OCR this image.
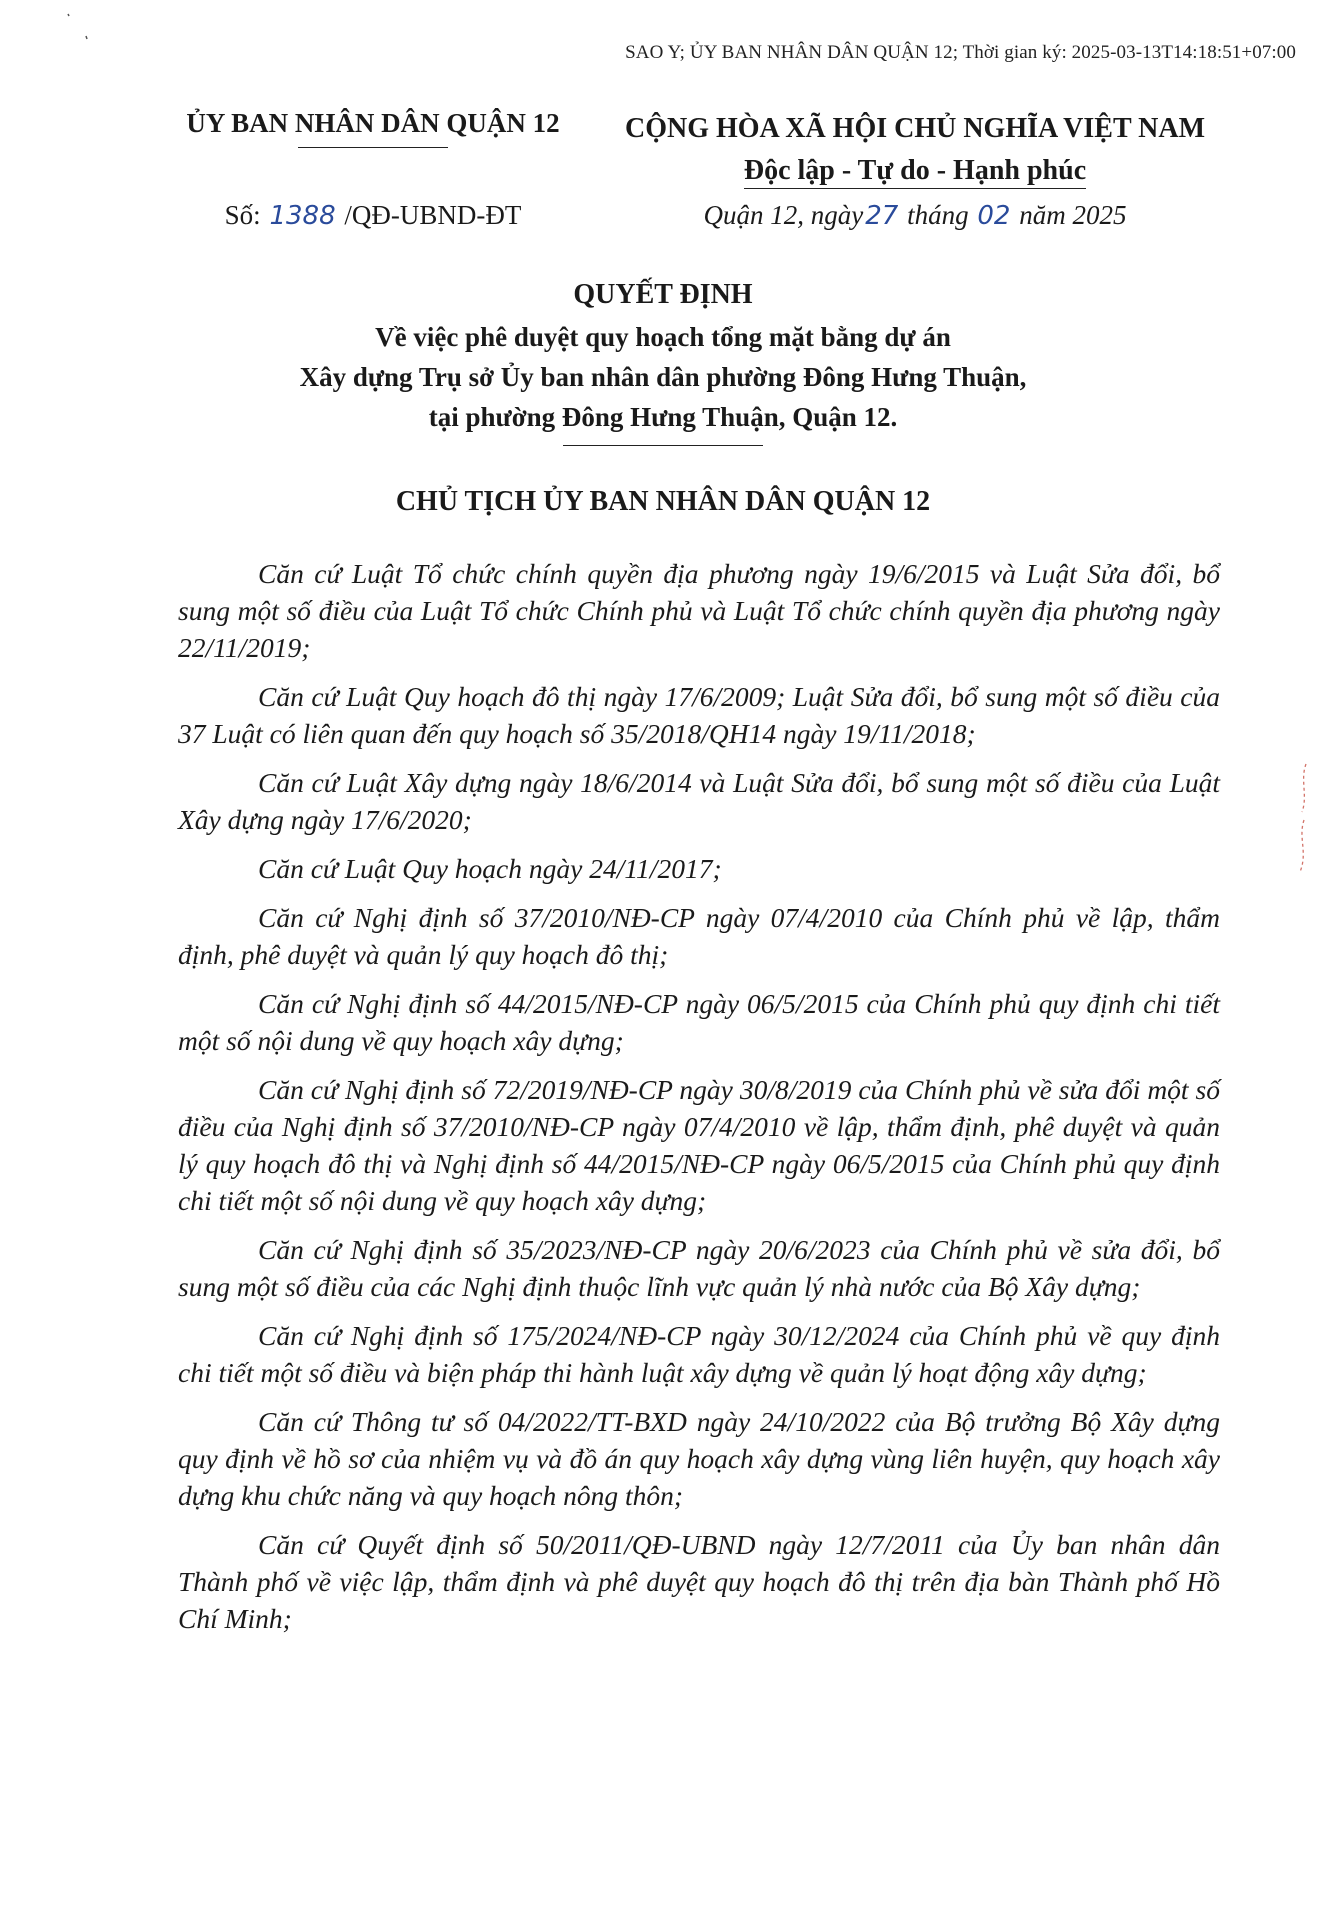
SAO Y; ỦY BAN NHÂN DÂN QUẬN 12; Thời gian ký: 2025-03-13T14:18:51+07:00
ỦY BAN NHÂN DÂN QUẬN 12	CỘNG HÒA XÃ HỘI CHỦ NGHĨA VIỆT NAM
Độc lập - Tự do - Hạnh phúc
Số: 1388 /QĐ-UBND-ĐT	Quận 12, ngày27 tháng 02 năm 2025
QUYẾT ĐỊNH
Về việc phê duyệt quy hoạch tổng mặt bằng dự án
Xây dựng Trụ sở Ủy ban nhân dân phường Đông Hưng Thuận,
tại phường Đông Hưng Thuận, Quận 12.
CHỦ TỊCH ỦY BAN NHÂN DÂN QUẬN 12

Căn cứ Luật Tổ chức chính quyền địa phương ngày 19/6/2015 và Luật Sửa đổi, bổ sung một số điều của Luật Tổ chức Chính phủ và Luật Tổ chức chính quyền địa phương ngày 22/11/2019;

Căn cứ Luật Quy hoạch đô thị ngày 17/6/2009; Luật Sửa đổi, bổ sung một số điều của 37 Luật có liên quan đến quy hoạch số 35/2018/QH14 ngày 19/11/2018;

Căn cứ Luật Xây dựng ngày 18/6/2014 và Luật Sửa đổi, bổ sung một số điều của Luật Xây dựng ngày 17/6/2020;

Căn cứ Luật Quy hoạch ngày 24/11/2017;

Căn cứ Nghị định số 37/2010/NĐ-CP ngày 07/4/2010 của Chính phủ về lập, thẩm định, phê duyệt và quản lý quy hoạch đô thị;

Căn cứ Nghị định số 44/2015/NĐ-CP ngày 06/5/2015 của Chính phủ quy định chi tiết một số nội dung về quy hoạch xây dựng;

Căn cứ Nghị định số 72/2019/NĐ-CP ngày 30/8/2019 của Chính phủ về sửa đổi một số điều của Nghị định số 37/2010/NĐ-CP ngày 07/4/2010 về lập, thẩm định, phê duyệt và quản lý quy hoạch đô thị và Nghị định số 44/2015/NĐ-CP ngày 06/5/2015 của Chính phủ quy định chi tiết một số nội dung về quy hoạch xây dựng;

Căn cứ Nghị định số 35/2023/NĐ-CP ngày 20/6/2023 của Chính phủ về sửa đổi, bổ sung một số điều của các Nghị định thuộc lĩnh vực quản lý nhà nước của Bộ Xây dựng;

Căn cứ Nghị định số 175/2024/NĐ-CP ngày 30/12/2024 của Chính phủ về quy định chi tiết một số điều và biện pháp thi hành luật xây dựng về quản lý hoạt động xây dựng;

Căn cứ Thông tư số 04/2022/TT-BXD ngày 24/10/2022 của Bộ trưởng Bộ Xây dựng quy định về hồ sơ của nhiệm vụ và đồ án quy hoạch xây dựng vùng liên huyện, quy hoạch xây dựng khu chức năng và quy hoạch nông thôn;

Căn cứ Quyết định số 50/2011/QĐ-UBND ngày 12/7/2011 của Ủy ban nhân dân Thành phố về việc lập, thẩm định và phê duyệt quy hoạch đô thị trên địa bàn Thành phố Hồ Chí Minh;
